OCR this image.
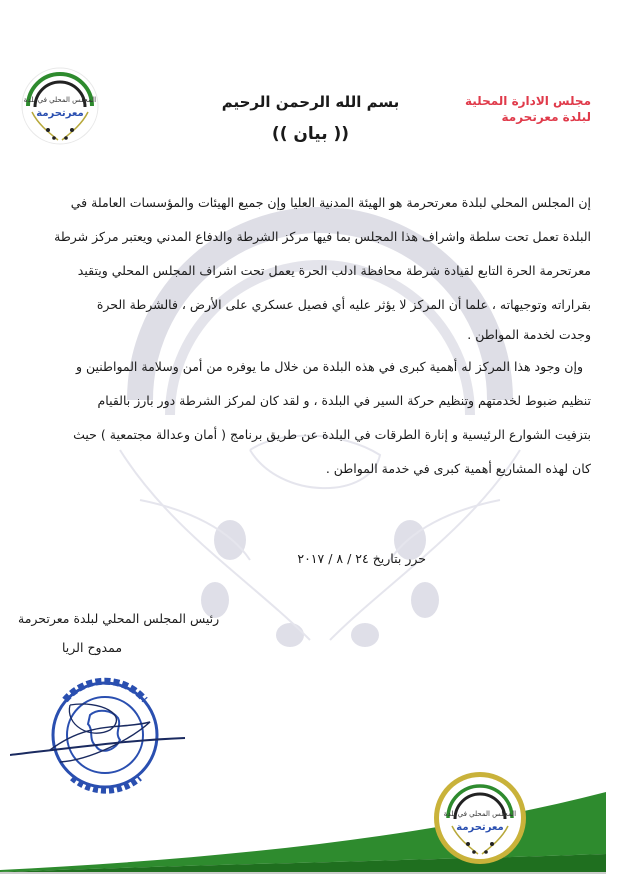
المجلس المحلي في بلدة
معرتحرمة
مجلس الادارة المحلية
لبلدة معرتحرمة
بسم الله الرحمن الرحيم
(( بيان ))
إن المجلس المحلي لبلدة معرتحرمة هو الهيئة المدنية العليا وإن جميع الهيئات والمؤسسات العاملة في
البلدة تعمل تحت سلطة واشراف هذا المجلس بما فيها مركز الشرطة والدفاع المدني ويعتبر مركز شرطة
معرتحرمة الحرة التابع لقيادة شرطة محافظة ادلب الحرة يعمل تحت اشراف المجلس المحلي ويتقيد
بقراراته وتوجيهاته ، علما أن المركز لا يؤثر عليه أي فصيل عسكري على الأرض ، فالشرطة الحرة
وجدت لخدمة المواطن .
وإن وجود هذا المركز له أهمية كبرى في هذه البلدة من خلال ما يوفره من أمن وسلامة المواطنين و
تنظيم ضبوط لخدمتهم وتنظيم حركة السير في البلدة ، و لقد كان لمركز الشرطة دور بارز بالقيام
بتزفيت الشوارع الرئيسية و إنارة الطرقات في البلدة عن طريق برنامج ( أمان وعدالة مجتمعية ) حيث
كان لهذه المشاريع أهمية كبرى في خدمة المواطن .
حرر بتاريخ ٢٤ / ٨ / ٢٠١٧
رئيس المجلس المحلي لبلدة معرتحرمة
ممدوح الريا
المجلس المحلي في بلدة
معرتحرمة
